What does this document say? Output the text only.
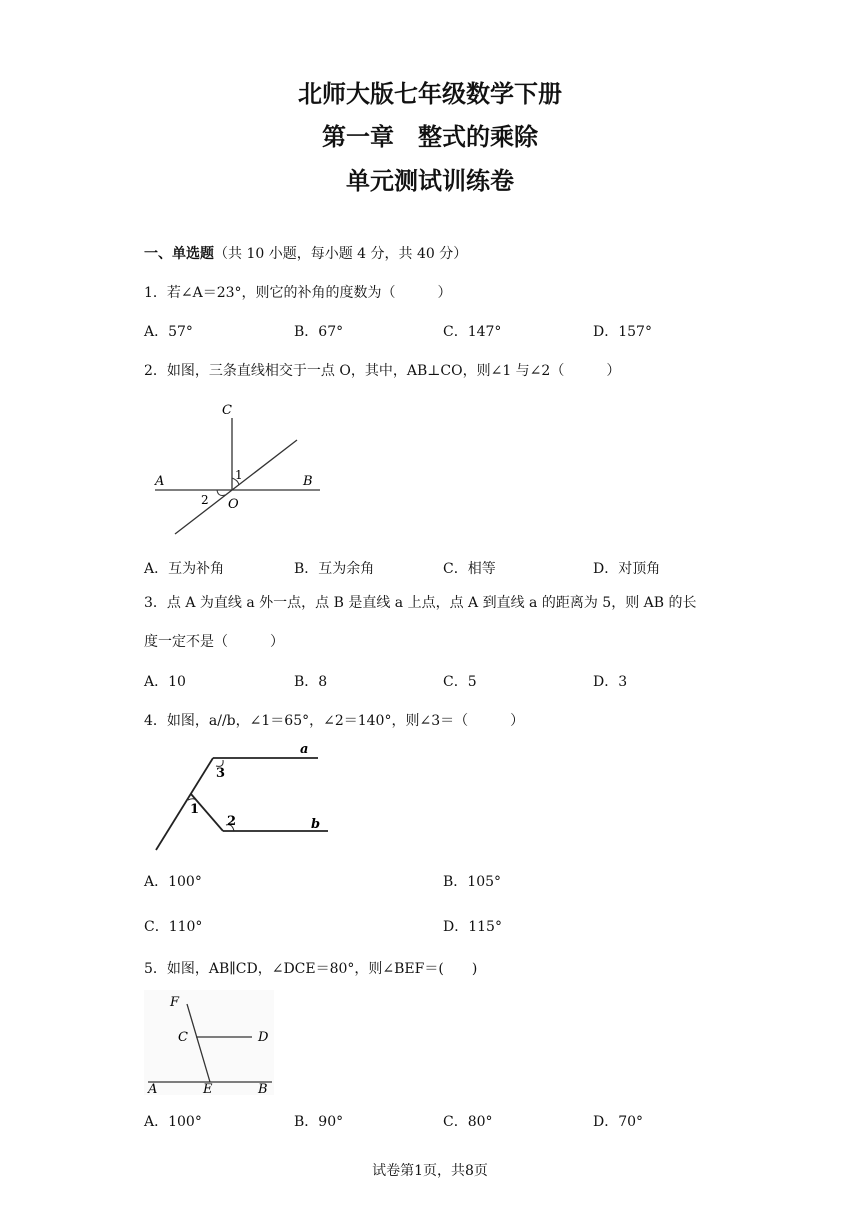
北师大版七年级数学下册
第一章　整式的乘除
单元测试训练卷
一、单选题（共 10 小题，每小题 4 分，共 40 分）
1．若∠A＝23°，则它的补角的度数为（　　　）
A．57°	B．67°	C．147°	D．157°
2．如图，三条直线相交于一点 O，其中，AB⊥CO，则∠1 与∠2（　　　）
C
A	B
O
1
2
A．互为补角	B．互为余角	C．相等	D．对顶角
3．点 A 为直线 a 外一点，点 B 是直线 a 上点，点 A 到直线 a 的距离为 5，则 AB 的长
度一定不是（　　　）
A．10	B．8	C．5	D．3
4．如图，a//b，∠1＝65°，∠2＝140°，则∠3＝（　　　）
a
b
1
2
3
A．100°	B．105°
C．110°	D．115°
5．如图，AB∥CD，∠DCE＝80°，则∠BEF＝(　　)
F
C	D
A	E	B
A．100°	B．90°	C．80°	D．70°
试卷第1页，共8页
